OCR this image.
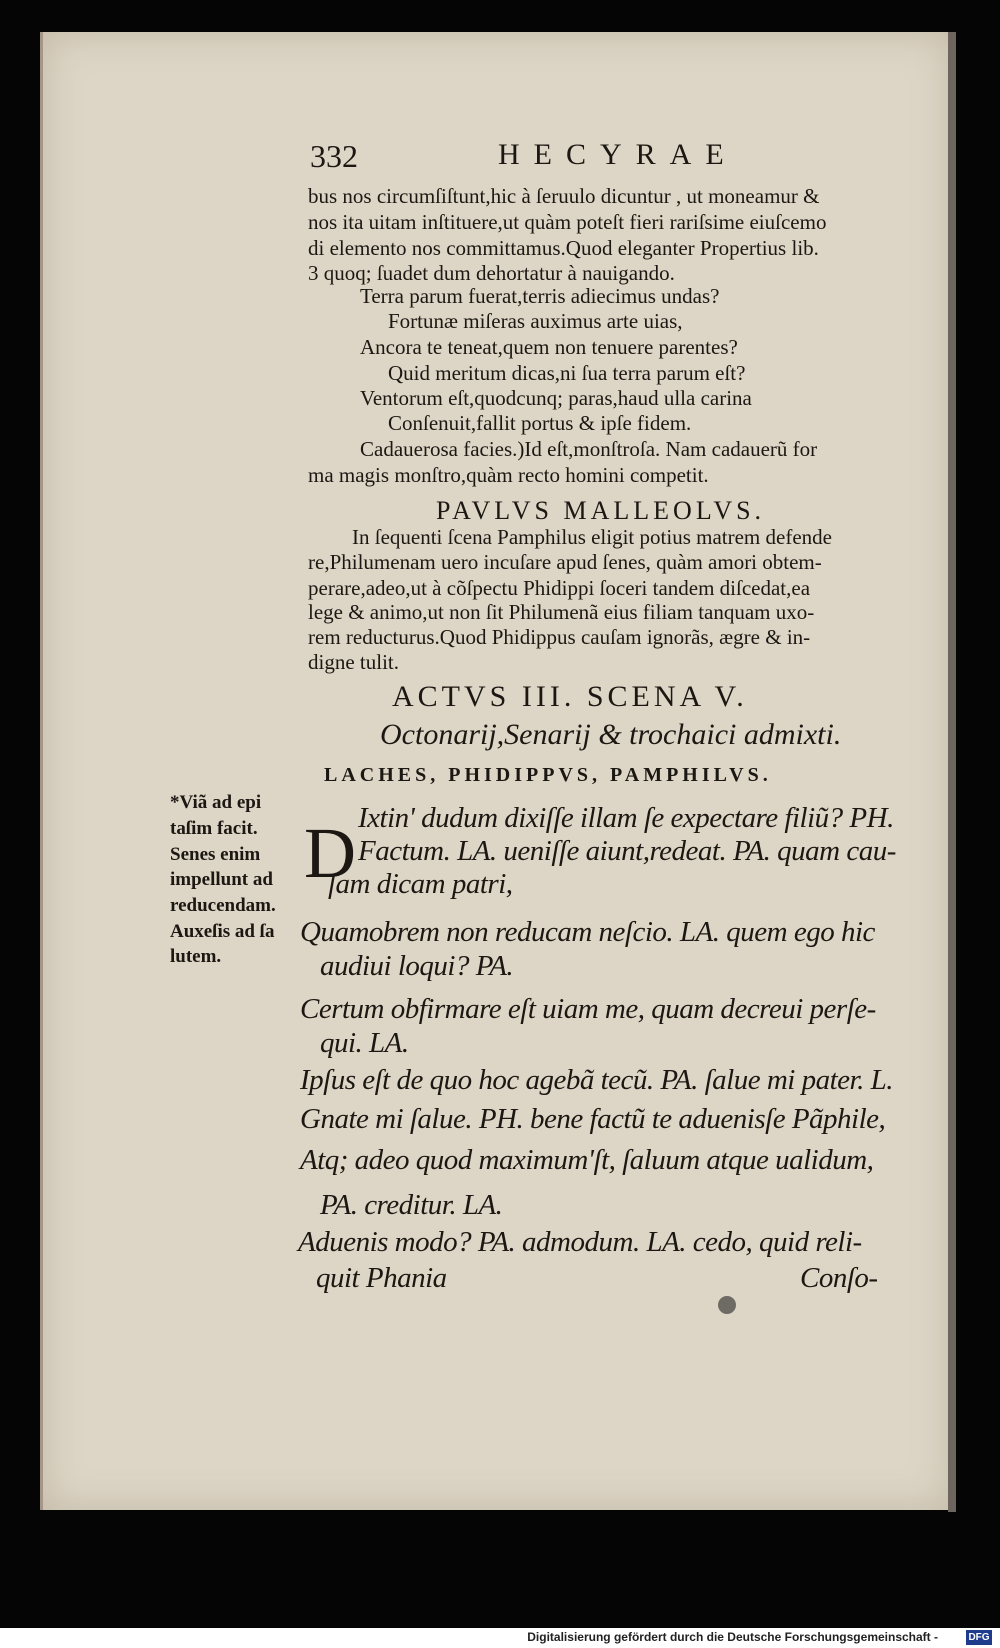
332	HECYRAE
bus nos circumſiſtunt,hic à ſeruulo dicuntur , ut moneamur &
nos ita uitam inſtituere,ut quàm poteſt fieri rariſsime eiuſcemo
di elemento nos committamus.Quod eleganter Propertius lib.
3 quoq; ſuadet dum dehortatur à nauigando.
Terra parum fuerat,terris adiecimus undas?
Fortunæ miſeras auximus arte uias,
Ancora te teneat,quem non tenuere parentes?
Quid meritum dicas,ni ſua terra parum eſt?
Ventorum eſt,quodcunq; paras,haud ulla carina
Conſenuit,fallit portus & ipſe fidem.
Cadauerosa facies.)Id eſt,monſtroſa. Nam cadauerũ for
ma magis monſtro,quàm recto homini competit.
PAVLVS MALLEOLVS.
In ſequenti ſcena Pamphilus eligit potius matrem defende
re,Philumenam uero incuſare apud ſenes, quàm amori obtem-
perare,adeo,ut à cõſpectu Phidippi ſoceri tandem diſcedat,ea
lege & animo,ut non ſit Philumenã eius filiam tanquam uxo-
rem reducturus.Quod Phidippus cauſam ignorãs, ægre & in-
digne tulit.
ACTVS III. SCENA V.
Octonarij,Senarij & trochaici admixti.
LACHES, PHIDIPPVS, PAMPHILVS.
D Ixtin' dudum dixiſſe illam ſe expectare filiũ? PH.
Factum. LA. ueniſſe aiunt,redeat. PA. quam cau-
ſam dicam patri,
Quamobrem non reducam neſcio. LA. quem ego hic
audiui loqui? PA.
Certum obfirmare eſt uiam me, quam decreui perſe-
qui. LA.
Ipſus eſt de quo hoc agebã tecũ. PA. ſalue mi pater. L.
Gnate mi ſalue. PH. bene factũ te aduenisſe Pãphile,
Atq; adeo quod maximum'ſt, ſaluum atque ualidum,
PA. creditur. LA.
Aduenis modo? PA. admodum. LA. cedo, quid reli-
quit Phania	Conſo-
*Viã ad epi
taſim facit.
Senes enim
impellunt ad
reducendam.
Auxeſis ad ſa
lutem.
Digitalisierung gefördert durch die Deutsche Forschungsgemeinschaft -	DFG
